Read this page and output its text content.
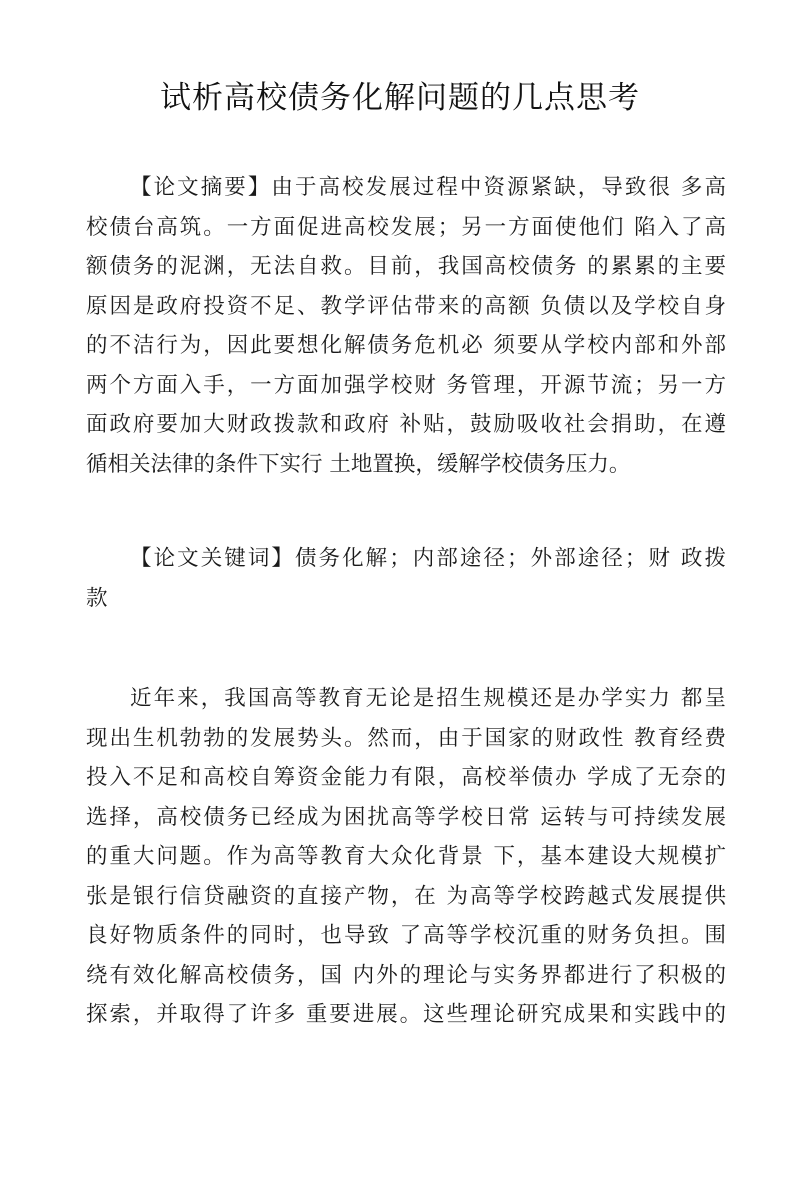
试析高校债务化解问题的几点思考
【论文摘要】由于高校发展过程中资源紧缺，导致很 多高
校债台高筑。一方面促进高校发展；另一方面使他们 陷入了高
额债务的泥渊，无法自救。目前，我国高校债务 的累累的主要
原因是政府投资不足、教学评估带来的高额 负债以及学校自身
的不洁行为，因此要想化解债务危机必 须要从学校内部和外部
两个方面入手，一方面加强学校财 务管理，开源节流；另一方
面政府要加大财政拨款和政府 补贴，鼓励吸收社会捐助，在遵
循相关法律的条件下实行 土地置换，缓解学校债务压力。
【论文关键词】债务化解；内部途径；外部途径；财 政拨
款
近年来，我国高等教育无论是招生规模还是办学实力 都呈
现出生机勃勃的发展势头。然而，由于国家的财政性 教育经费
投入不足和高校自筹资金能力有限，高校举债办 学成了无奈的
选择，高校债务已经成为困扰高等学校日常 运转与可持续发展
的重大问题。作为高等教育大众化背景 下，基本建设大规模扩
张是银行信贷融资的直接产物，在 为高等学校跨越式发展提供
良好物质条件的同时，也导致 了高等学校沉重的财务负担。围
绕有效化解高校债务，国 内外的理论与实务界都进行了积极的
探索，并取得了许多 重要进展。这些理论研究成果和实践中的
